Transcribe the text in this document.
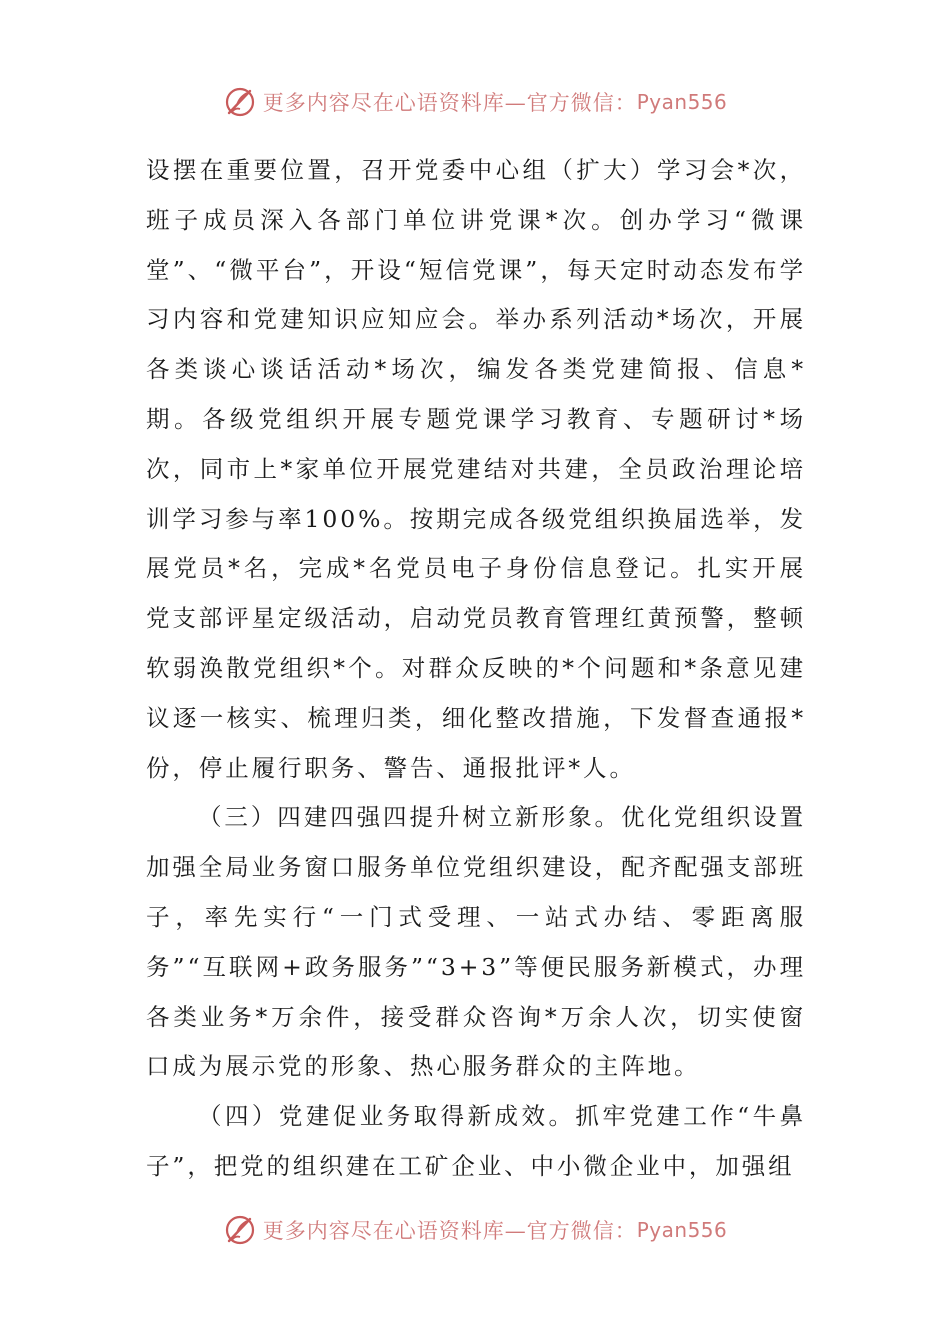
更多内容尽在心语资料库—官方微信： Pyan556

设摆在重要位置，召开党委中心组（扩大）学习会*次，班子成员深入各部门单位讲党课*次。创办学习“微课堂”、“微平台”，开设“短信党课”，每天定时动态发布学习内容和党建知识应知应会。举办系列活动*场次，开展各类谈心谈话活动*场次，编发各类党建简报、信息*期。各级党组织开展专题党课学习教育、专题研讨*场次，同市上*家单位开展党建结对共建，全员政治理论培训学习参与率100%。按期完成各级党组织换届选举，发展党员*名，完成*名党员电子身份信息登记。扎实开展党支部评星定级活动，启动党员教育管理红黄预警，整顿软弱涣散党组织*个。对群众反映的*个问题和*条意见建议逐一核实、梳理归类，细化整改措施，下发督查通报*份，停止履行职务、警告、通报批评*人。

（三）四建四强四提升树立新形象。优化党组织设置加强全局业务窗口服务单位党组织建设，配齐配强支部班子，率先实行“一门式受理、一站式办结、零距离服务”“互联网+政务服务”“3+3”等便民服务新模式，办理各类业务*万余件，接受群众咨询*万余人次，切实使窗口成为展示党的形象、热心服务群众的主阵地。

（四）党建促业务取得新成效。抓牢党建工作“牛鼻子”，把党的组织建在工矿企业、中小微企业中，加强组

更多内容尽在心语资料库—官方微信： Pyan556
